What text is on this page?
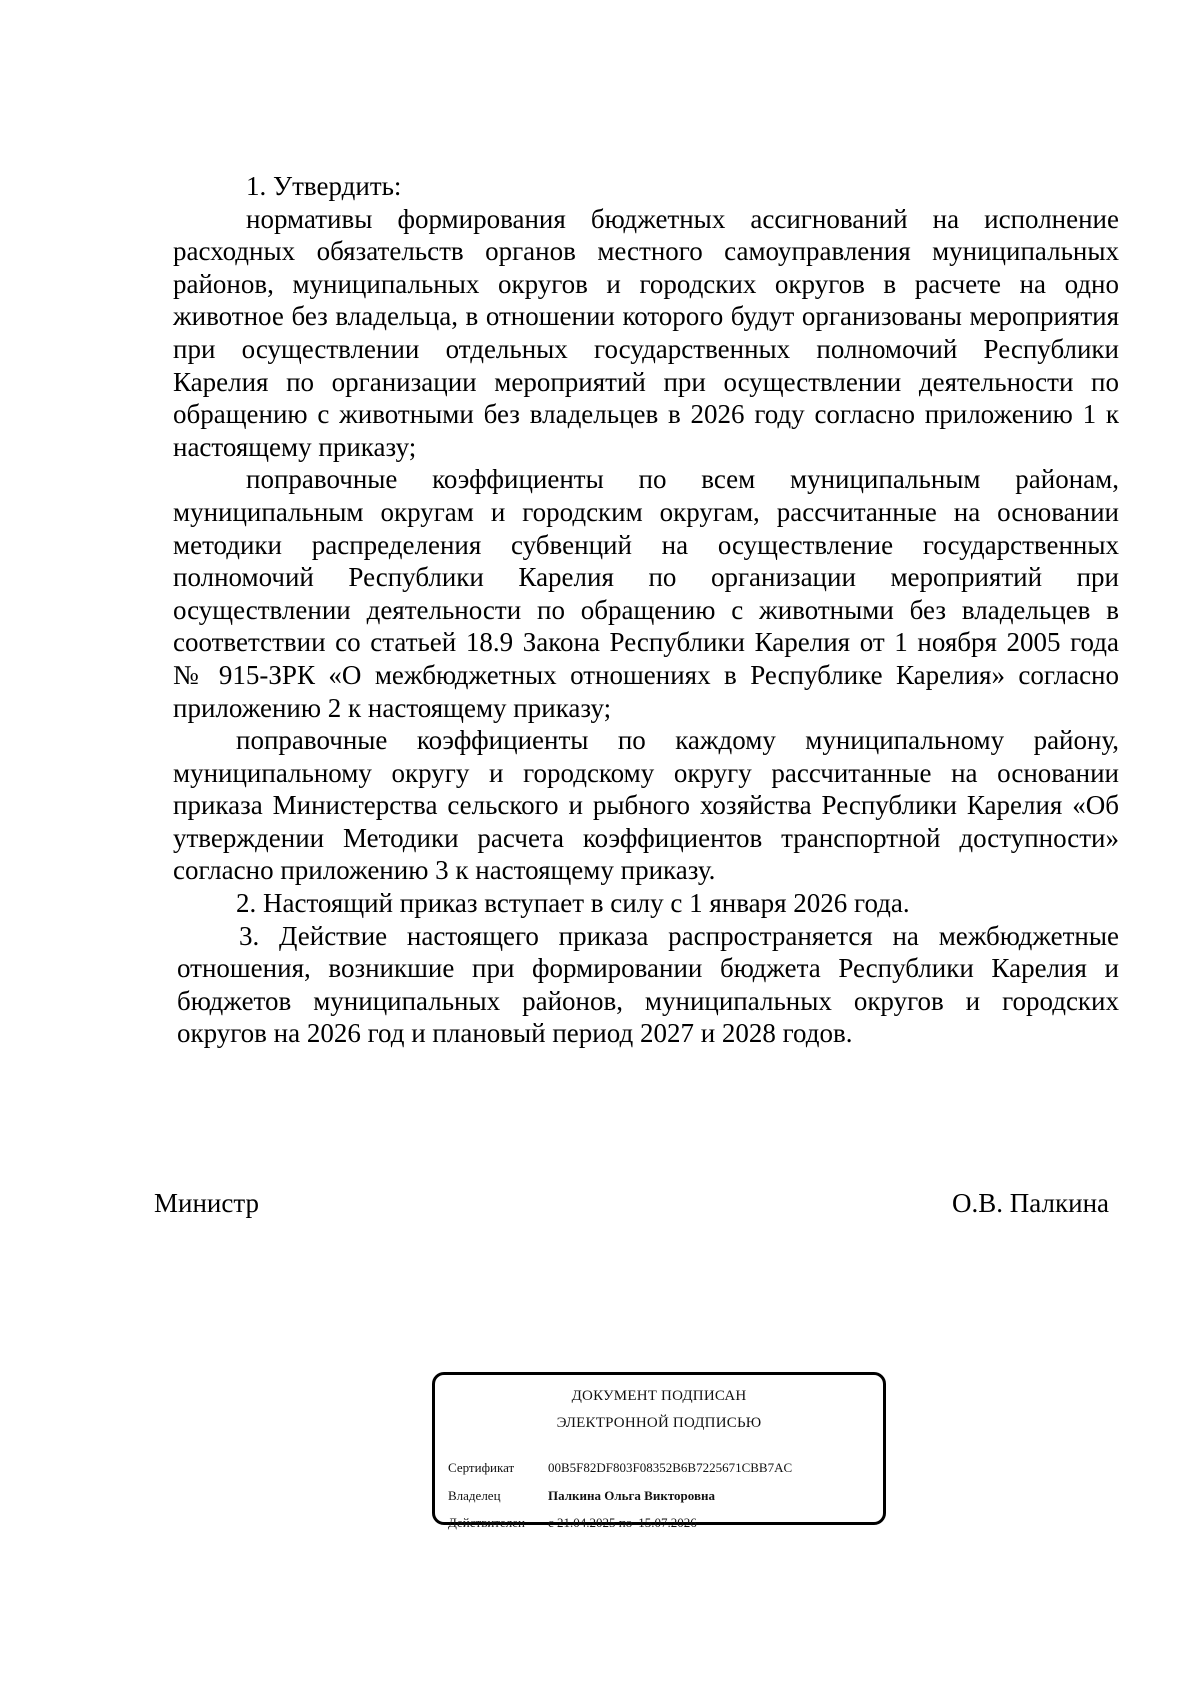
1. Утвердить:

нормативы формирования бюджетных ассигнований на исполнение расходных обязательств органов местного самоуправления муниципальных районов, муниципальных округов и городских округов в расчете на одно животное без владельца, в отношении которого будут организованы мероприятия при осуществлении отдельных государственных полномочий Республики Карелия по организации мероприятий при осуществлении деятельности по обращению с животными без владельцев в 2026 году согласно приложению 1 к настоящему приказу;

поправочные коэффициенты по всем муниципальным районам, муниципальным округам и городским округам, рассчитанные на основании методики распределения субвенций на осуществление государственных полномочий Республики Карелия по организации мероприятий при осуществлении деятельности по обращению с животными без владельцев в соответствии со статьей 18.9 Закона Республики Карелия от 1 ноября 2005 года № 915-ЗРК «О межбюджетных отношениях в Республике Карелия» согласно приложению 2 к настоящему приказу;

поправочные коэффициенты по каждому муниципальному району, муниципальному округу и городскому округу рассчитанные на основании приказа Министерства сельского и рыбного хозяйства Республики Карелия «Об утверждении Методики расчета коэффициентов транспортной доступности» согласно приложению 3 к настоящему приказу.

2. Настоящий приказ вступает в силу с 1 января 2026 года.

3. Действие настоящего приказа распространяется на межбюджетные отношения, возникшие при формировании бюджета Республики Карелия и бюджетов муниципальных районов, муниципальных округов и городских округов на 2026 год и плановый период 2027 и 2028 годов.

Министр	О.В. Палкина
ДОКУМЕНТ ПОДПИСАН
ЭЛЕКТРОННОЙ ПОДПИСЬЮ
Сертификат	00B5F82DF803F08352B6B7225671CBB7AC
Владелец	Палкина Ольга Викторовна
Действителен	с 21.04.2025 по 15.07.2026
